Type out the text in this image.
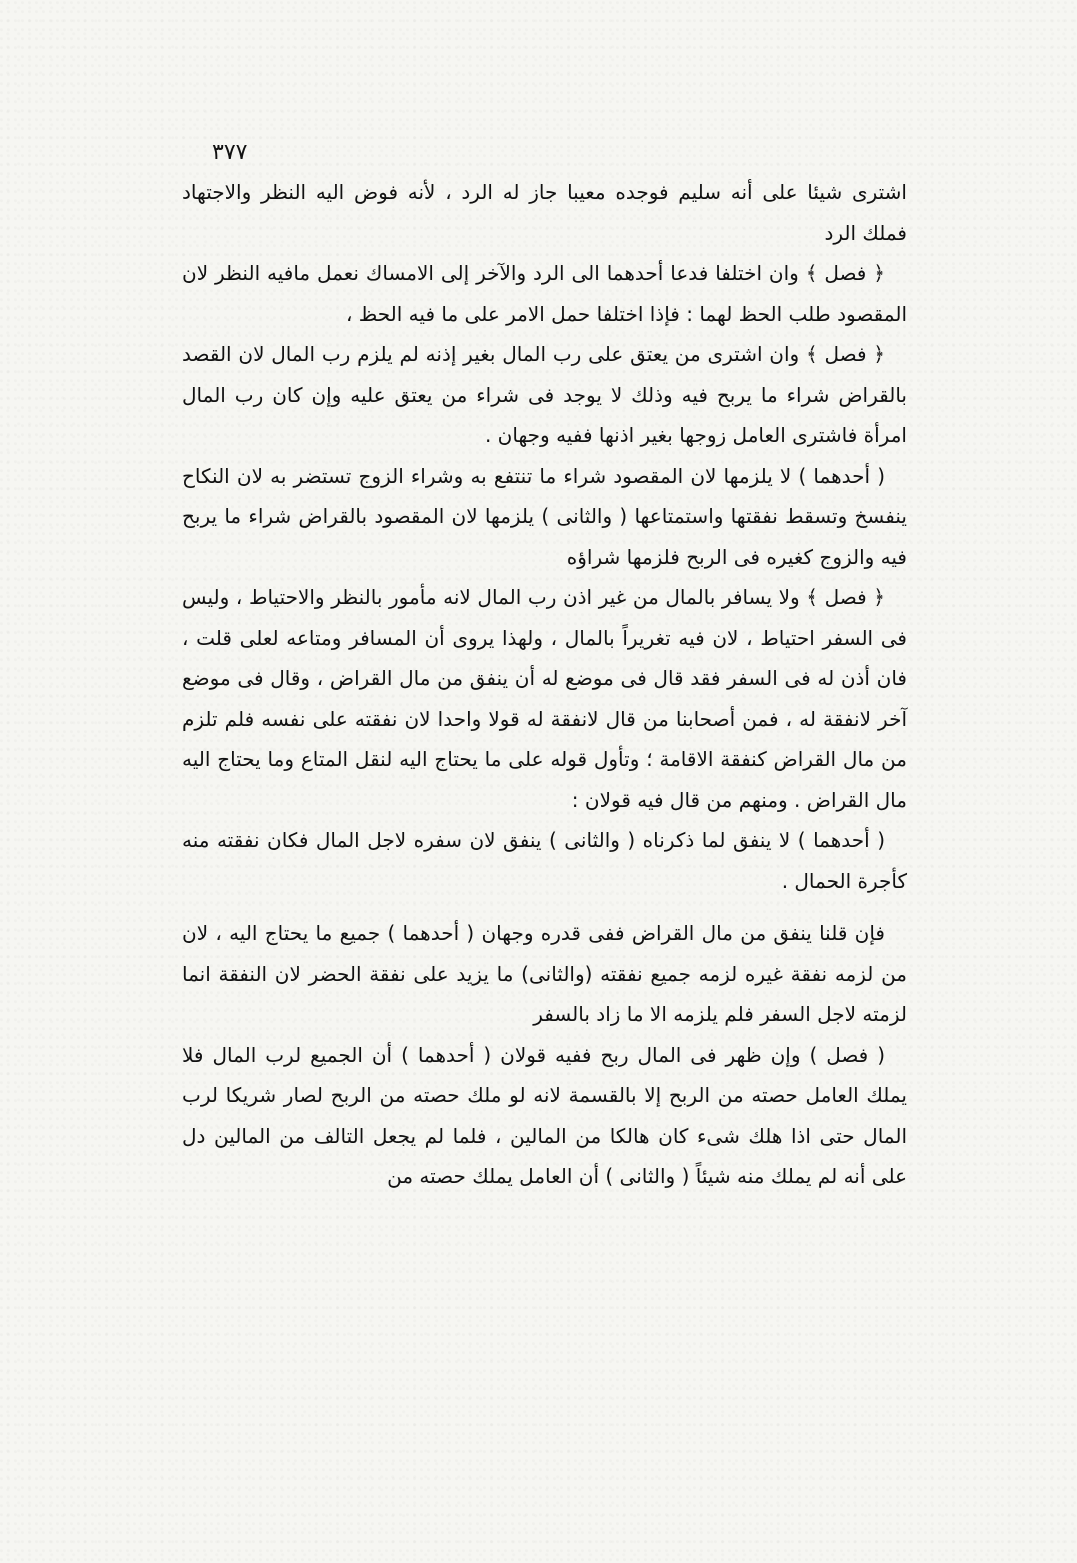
٣٧٧

اشترى شيئا على أنه سليم فوجده معيبا جاز له الرد ، لأنه فوض اليه النظر والاجتهاد فملك الرد

﴿ فصل ﴾ وان اختلفا فدعا أحدهما الى الرد والآخر إلى الامساك نعمل مافيه النظر لان المقصود طلب الحظ لهما : فإذا اختلفا حمل الامر على ما فيه الحظ ،

﴿ فصل ﴾ وان اشترى من يعتق على رب المال بغير إذنه لم يلزم رب المال لان القصد بالقراض شراء ما يربح فيه وذلك لا يوجد فى شراء من يعتق عليه وإن كان رب المال امرأة فاشترى العامل زوجها بغير اذنها ففيه وجهان .

( أحدهما ) لا يلزمها لان المقصود شراء ما تنتفع به وشراء الزوج تستضر به لان النكاح ينفسخ وتسقط نفقتها واستمتاعها ( والثانى ) يلزمها لان المقصود بالقراض شراء ما يربح فيه والزوج كغيره فى الربح فلزمها شراؤه

﴿ فصل ﴾ ولا يسافر بالمال من غير اذن رب المال لانه مأمور بالنظر والاحتياط ، وليس فى السفر احتياط ، لان فيه تغريراً بالمال ، ولهذا يروى أن المسافر ومتاعه لعلى قلت ، فان أذن له فى السفر فقد قال فى موضع له أن ينفق من مال القراض ، وقال فى موضع آخر لانفقة له ، فمن أصحابنا من قال لانفقة له قولا واحدا لان نفقته على نفسه فلم تلزم من مال القراض كنفقة الاقامة ؛ وتأول قوله على ما يحتاج اليه لنقل المتاع وما يحتاج اليه مال القراض . ومنهم من قال فيه قولان :

( أحدهما ) لا ينفق لما ذكرناه ( والثانى ) ينفق لان سفره لاجل المال فكان نفقته منه كأجرة الحمال .

فإن قلنا ينفق من مال القراض ففى قدره وجهان ( أحدهما ) جميع ما يحتاج اليه ، لان من لزمه نفقة غيره لزمه جميع نفقته (والثانى) ما يزيد على نفقة الحضر لان النفقة انما لزمته لاجل السفر فلم يلزمه الا ما زاد بالسفر

( فصل ) وإن ظهر فى المال ربح ففيه قولان ( أحدهما ) أن الجميع لرب المال فلا يملك العامل حصته من الربح إلا بالقسمة لانه لو ملك حصته من الربح لصار شريكا لرب المال حتى اذا هلك شىء كان هالكا من المالين ، فلما لم يجعل التالف من المالين دل على أنه لم يملك منه شيئاً ( والثانى ) أن العامل يملك حصته من
